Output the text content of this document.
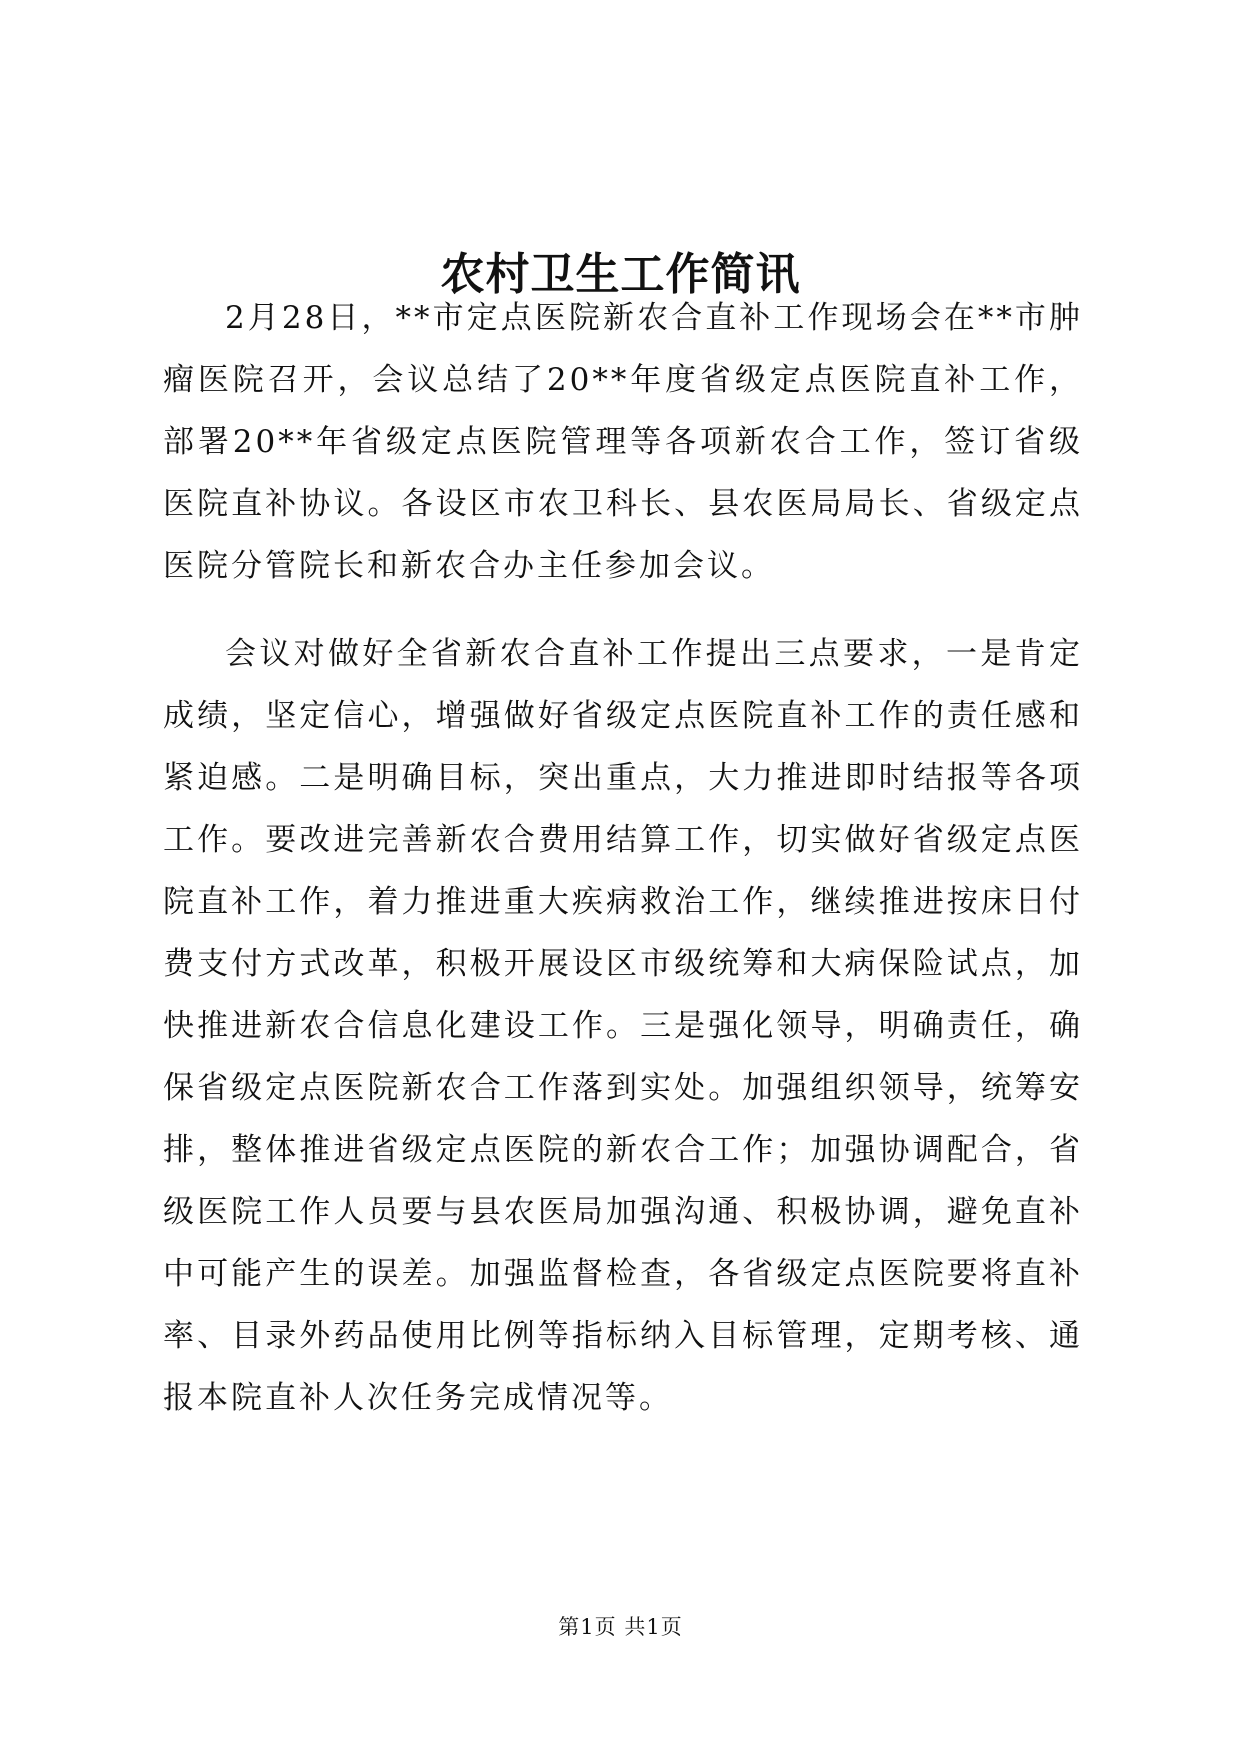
农村卫生工作简讯

2月28日，**市定点医院新农合直补工作现场会在**市肿瘤医院召开，会议总结了20**年度省级定点医院直补工作，部署20**年省级定点医院管理等各项新农合工作，签订省级医院直补协议。各设区市农卫科长、县农医局局长、省级定点医院分管院长和新农合办主任参加会议。

会议对做好全省新农合直补工作提出三点要求，一是肯定成绩，坚定信心，增强做好省级定点医院直补工作的责任感和紧迫感。二是明确目标，突出重点，大力推进即时结报等各项工作。要改进完善新农合费用结算工作，切实做好省级定点医院直补工作，着力推进重大疾病救治工作，继续推进按床日付费支付方式改革，积极开展设区市级统筹和大病保险试点，加快推进新农合信息化建设工作。三是强化领导，明确责任，确保省级定点医院新农合工作落到实处。加强组织领导，统筹安排，整体推进省级定点医院的新农合工作；加强协调配合，省级医院工作人员要与县农医局加强沟通、积极协调，避免直补中可能产生的误差。加强监督检查，各省级定点医院要将直补率、目录外药品使用比例等指标纳入目标管理，定期考核、通报本院直补人次任务完成情况等。

第1页 共1页
